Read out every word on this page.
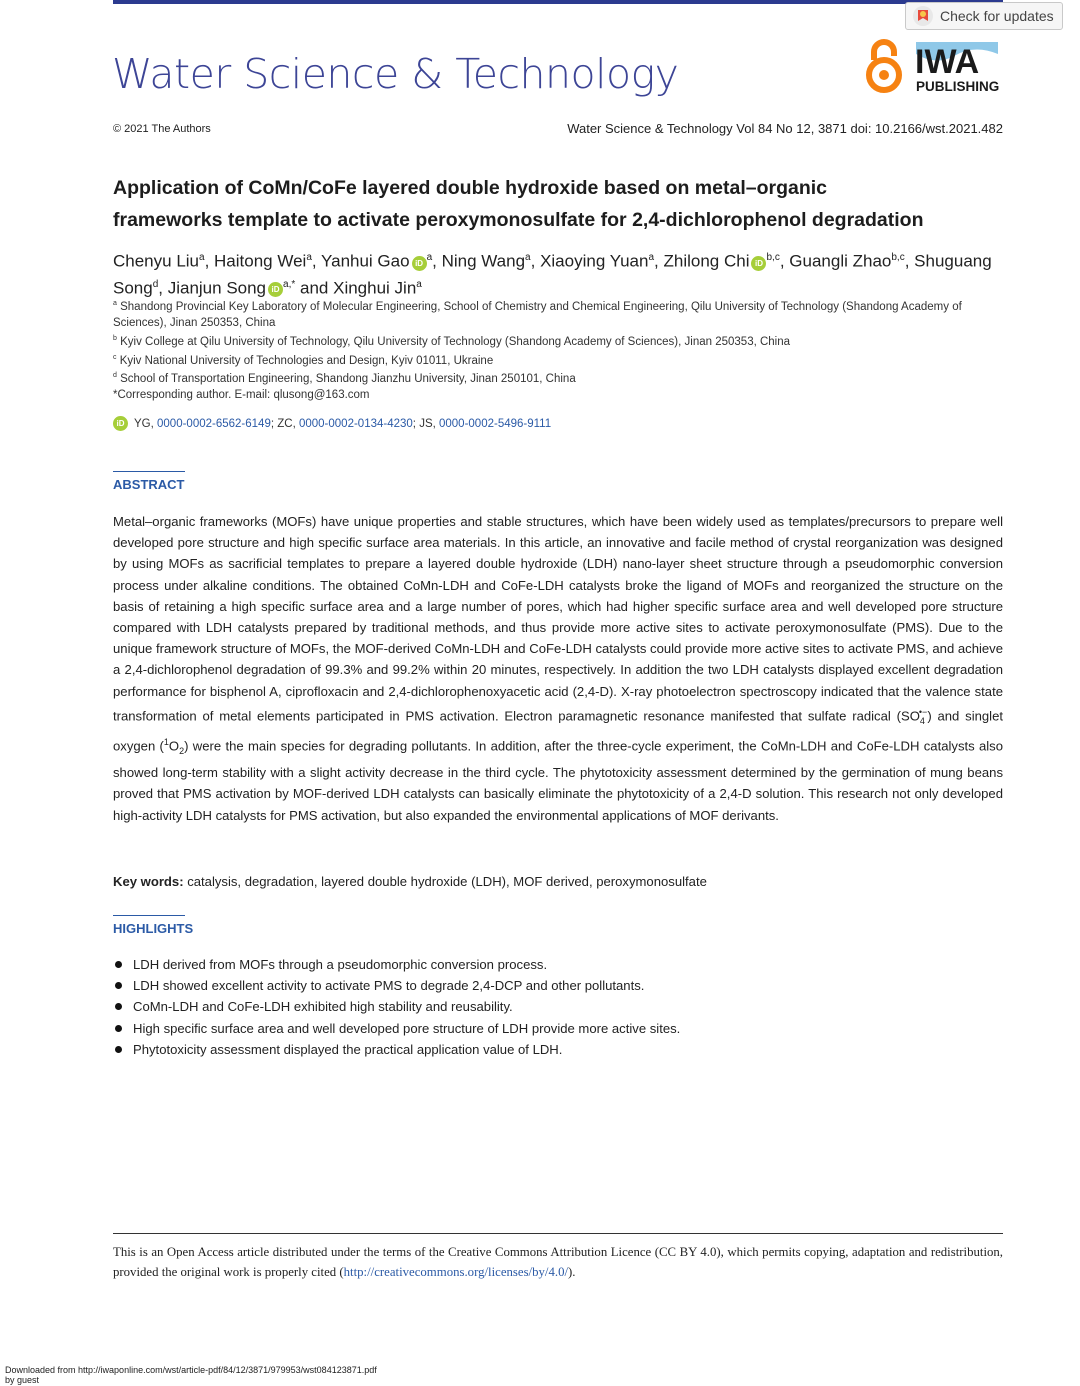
Check for updates
Water Science & Technology	IWA
PUBLISHING
© 2021 The Authors	Water Science & Technology Vol 84 No 12, 3871 doi: 10.2166/wst.2021.482
Application of CoMn/CoFe layered double hydroxide based on metal–organic
frameworks template to activate peroxymonosulfate for 2,4-dichlorophenol degradation
Chenyu Liu$^a$, Haitong Wei$^a$, Yanhui Gao $iD^a$, Ning Wang$^a$, Xiaoying Yuan$^a$, Zhilong Chi iD$^{b,c}$, Guangli Zhao$^{b,c}$, Shuguang Song$^d$, Jianjun Song $iD^{a,*}$ and Xinghui Jin$^a$
$^a$ Shandong Provincial Key Laboratory of Molecular Engineering, School of Chemistry and Chemical Engineering, Qilu University of Technology (Shandong Academy of Sciences), Jinan 250353, China
$^b$ Kyiv College at Qilu University of Technology, Qilu University of Technology (Shandong Academy of Sciences), Jinan 250353, China
$^c$ Kyiv National University of Technologies and Design, Kyiv 01011, Ukraine
$^d$ School of Transportation Engineering, Shandong Jianzhu University, Jinan 250101, China
*Corresponding author. E-mail: qlusong@163.com
iD YG, 0000-0002-6562-6149; ZC, 0000-0002-0134-4230; JS, 0000-0002-5496-9111
ABSTRACT
Metal–organic frameworks (MOFs) have unique properties and stable structures, which have been widely used as templates/precursors to prepare well developed pore structure and high specific surface area materials. In this article, an innovative and facile method of crystal reorganization was designed by using MOFs as sacrificial templates to prepare a layered double hydroxide (LDH) nano-layer sheet structure through a pseudomorphic conversion process under alkaline conditions. The obtained CoMn-LDH and CoFe-LDH catalysts broke the ligand of MOFs and reorganized the structure on the basis of retaining a high specific surface area and a large number of pores, which had higher specific surface area and well developed pore structure compared with LDH catalysts prepared by traditional methods, and thus provide more active sites to activate peroxymonosulfate (PMS). Due to the unique framework structure of MOFs, the MOF-derived CoMn-LDH and CoFe-LDH catalysts could provide more active sites to activate PMS, and achieve a 2,4-dichlorophenol degradation of 99.3% and 99.2% within 20 minutes, respectively. In addition the two LDH catalysts displayed excellent degradation performance for bisphenol A, ciprofloxacin and 2,4-dichlorophenoxyacetic acid (2,4-D). X-ray photoelectron spectroscopy indicated that the valence state transformation of metal elements participated in PMS activation. Electron paramagnetic resonance manifested that sulfate radical $(SO_4^{•-})$ and singlet oxygen $(^1O_2)$ were the main species for degrading pollutants. In addition, after the three-cycle experiment, the CoMn-LDH and CoFe-LDH catalysts also showed long-term stability with a slight activity decrease in the third cycle. The phytotoxicity assessment determined by the germination of mung beans proved that PMS activation by MOF-derived LDH catalysts can basically eliminate the phytotoxicity of a 2,4-D solution. This research not only developed high-activity LDH catalysts for PMS activation, but also expanded the environmental applications of MOF derivants.
Key words: catalysis, degradation, layered double hydroxide (LDH), MOF derived, peroxymonosulfate
HIGHLIGHTS
LDH derived from MOFs through a pseudomorphic conversion process.
LDH showed excellent activity to activate PMS to degrade 2,4-DCP and other pollutants.
CoMn-LDH and CoFe-LDH exhibited high stability and reusability.
High specific surface area and well developed pore structure of LDH provide more active sites.
Phytotoxicity assessment displayed the practical application value of LDH.
This is an Open Access article distributed under the terms of the Creative Commons Attribution Licence (CC BY 4.0), which permits copying, adaptation and redistribution, provided the original work is properly cited (http://creativecommons.org/licenses/by/4.0/).
Downloaded from http://iwaponline.com/wst/article-pdf/84/12/3871/979953/wst084123871.pdf
by guest
